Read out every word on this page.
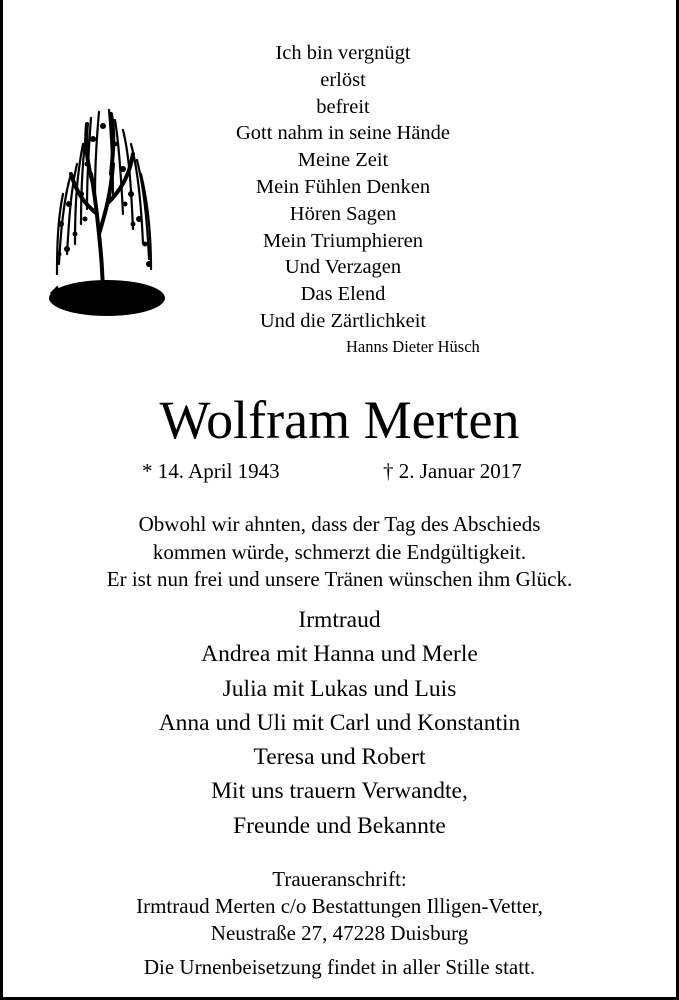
Ich bin vergnügt
erlöst
befreit
Gott nahm in seine Hände
Meine Zeit
Mein Fühlen Denken
Hören Sagen
Mein Triumphieren
Und Verzagen
Das Elend
Und die Zärtlichkeit
Hanns Dieter Hüsch
Wolfram Merten
* 14. April 1943	† 2. Januar 2017
Obwohl wir ahnten, dass der Tag des Abschieds
kommen würde, schmerzt die Endgültigkeit.
Er ist nun frei und unsere Tränen wünschen ihm Glück.
Irmtraud
Andrea mit Hanna und Merle
Julia mit Lukas und Luis
Anna und Uli mit Carl und Konstantin
Teresa und Robert
Mit uns trauern Verwandte,
Freunde und Bekannte
Traueranschrift:
Irmtraud Merten c/o Bestattungen Illigen-Vetter,
Neustraße 27, 47228 Duisburg
Die Urnenbeisetzung findet in aller Stille statt.
